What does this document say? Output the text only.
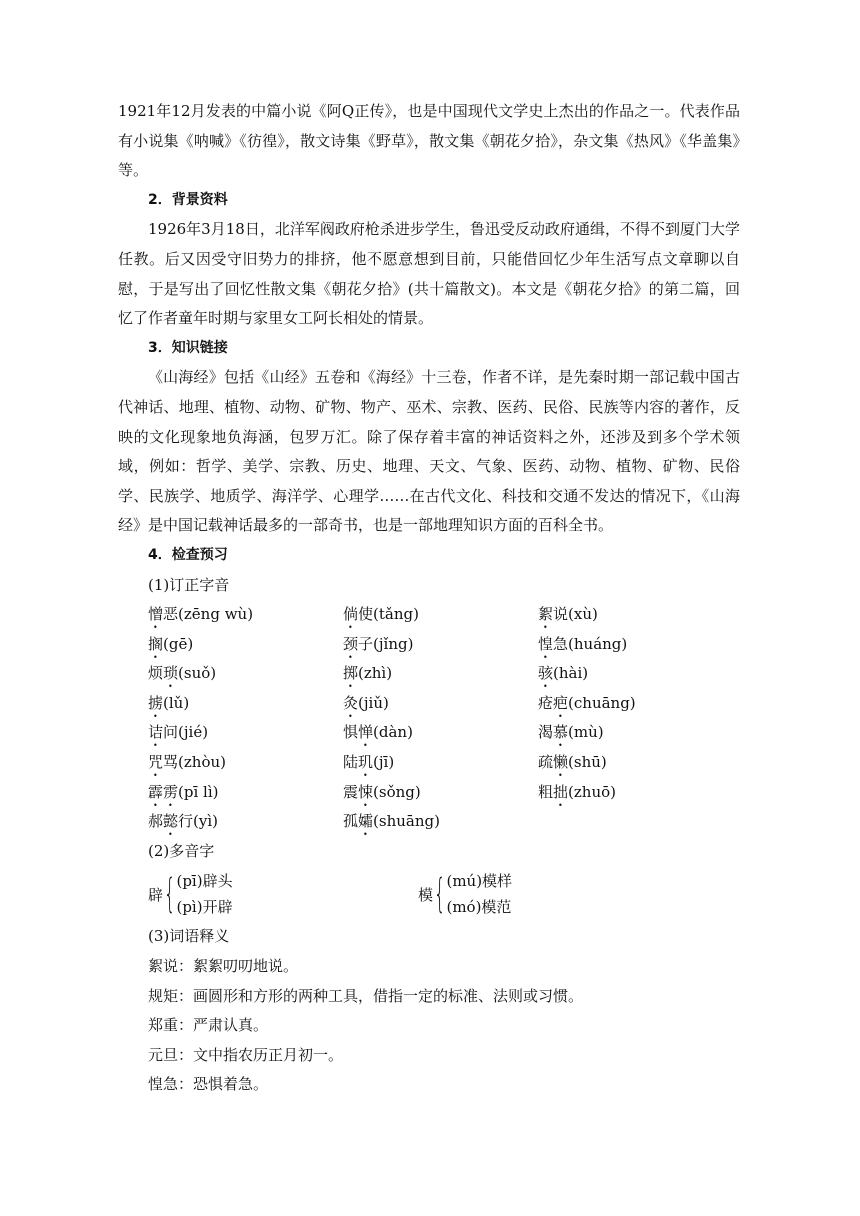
1921年12月发表的中篇小说《阿Q正传》，也是中国现代文学史上杰出的作品之一。代表作品有小说集《呐喊》《彷徨》，散文诗集《野草》，散文集《朝花夕拾》，杂文集《热风》《华盖集》等。

2．背景资料

1926年3月18日，北洋军阀政府枪杀进步学生，鲁迅受反动政府通缉，不得不到厦门大学任教。后又因受守旧势力的排挤，他不愿意想到目前，只能借回忆少年生活写点文章聊以自慰，于是写出了回忆性散文集《朝花夕拾》(共十篇散文)。本文是《朝花夕拾》的第二篇，回忆了作者童年时期与家里女工阿长相处的情景。

3．知识链接

《山海经》包括《山经》五卷和《海经》十三卷，作者不详，是先秦时期一部记载中国古代神话、地理、植物、动物、矿物、物产、巫术、宗教、医药、民俗、民族等内容的著作，反映的文化现象地负海涵，包罗万汇。除了保存着丰富的神话资料之外，还涉及到多个学术领域，例如：哲学、美学、宗教、历史、地理、天文、气象、医药、动物、植物、矿物、民俗学、民族学、地质学、海洋学、心理学……在古代文化、科技和交通不发达的情况下，《山海经》是中国记载神话最多的一部奇书，也是一部地理知识方面的百科全书。

4．检查预习

(1)订正字音

憎恶(zēng wù)	倘使(tǎng)	絮说(xù)
搁(gē)	颈子(jǐng)	惶急(huáng)
烦琐(suǒ)	掷(zhì)	骇(hài)
掳(lǔ)	灸(jiǔ)	疮疤(chuāng)
诘问(jié)	惧惮(dàn)	渴慕(mù)
咒骂(zhòu)	陆玑(jī)	疏懒(shū)
霹雳(pī lì)	震悚(sǒng)	粗拙(zhuō)
郝懿行(yì)	孤孀(shuāng)

(2)多音字

辟 { (pī)辟头
(pì)开辟
模 { (mú)模样
(mó)模范

(3)词语释义

絮说：絮絮叨叨地说。

规矩：画圆形和方形的两种工具，借指一定的标准、法则或习惯。

郑重：严肃认真。

元旦：文中指农历正月初一。

惶急：恐惧着急。
